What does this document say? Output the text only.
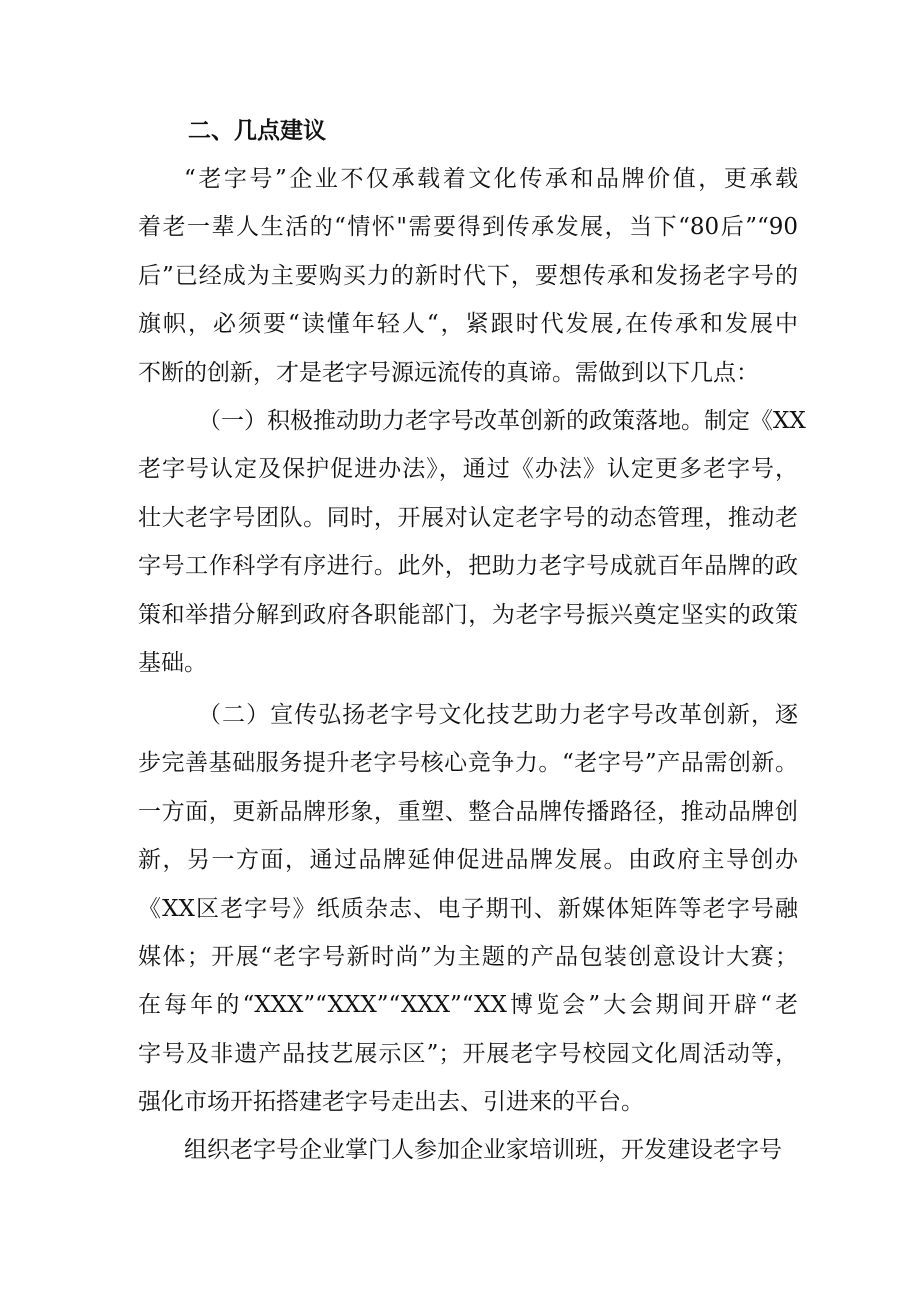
二、几点建议
“老字号”企业不仅承载着文化传承和品牌价值，更承载
着老一辈人生活的“情怀"需要得到传承发展，当下“80后”“90
后”已经成为主要购买力的新时代下，要想传承和发扬老字号的
旗帜，必须要“读懂年轻人“，紧跟时代发展,在传承和发展中
不断的创新，才是老字号源远流传的真谛。需做到以下几点：
（一）积极推动助力老字号改革创新的政策落地。制定《XX
老字号认定及保护促进办法》，通过《办法》认定更多老字号，
壮大老字号团队。同时，开展对认定老字号的动态管理，推动老
字号工作科学有序进行。此外，把助力老字号成就百年品牌的政
策和举措分解到政府各职能部门，为老字号振兴奠定坚实的政策
基础。
（二）宣传弘扬老字号文化技艺助力老字号改革创新，逐
步完善基础服务提升老字号核心竞争力。“老字号”产品需创新。
一方面，更新品牌形象，重塑、整合品牌传播路径，推动品牌创
新，另一方面，通过品牌延伸促进品牌发展。由政府主导创办
《XX区老字号》纸质杂志、电子期刊、新媒体矩阵等老字号融
媒体；开展“老字号新时尚”为主题的产品包装创意设计大赛；
在每年的“XXX”“XXX”“XXX”“XX博览会”大会期间开辟“老
字号及非遗产品技艺展示区”；开展老字号校园文化周活动等，
强化市场开拓搭建老字号走出去、引进来的平台。
组织老字号企业掌门人参加企业家培训班，开发建设老字号
